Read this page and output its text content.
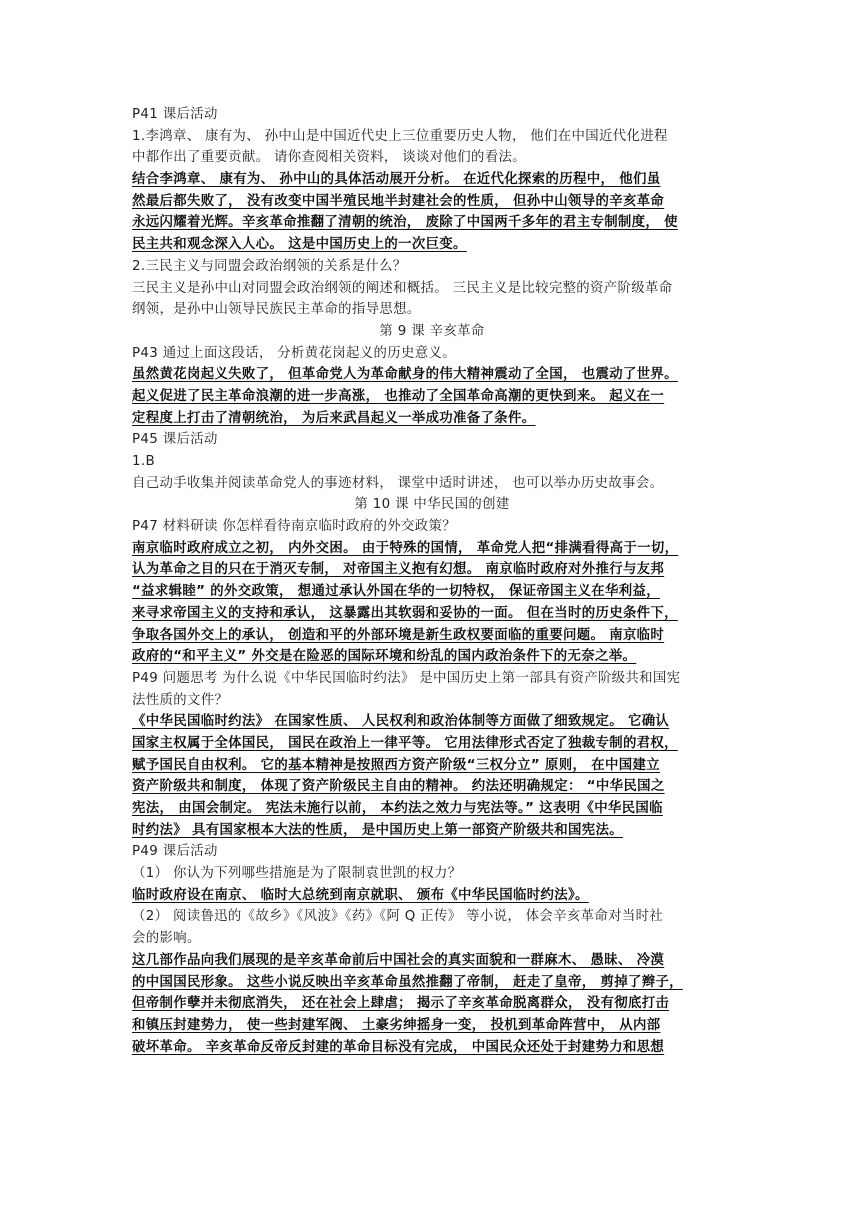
P41 课后活动
1.李鸿章、 康有为、 孙中山是中国近代史上三位重要历史人物， 他们在中国近代化进程
中都作出了重要贡献。 请你查阅相关资料， 谈谈对他们的看法。
结合李鸿章、 康有为、 孙中山的具体活动展开分析。 在近代化探索的历程中， 他们虽
然最后都失败了， 没有改变中国半殖民地半封建社会的性质， 但孙中山领导的辛亥革命
永远闪耀着光辉。辛亥革命推翻了清朝的统治， 废除了中国两千多年的君主专制制度， 使
民主共和观念深入人心。 这是中国历史上的一次巨变。
2.三民主义与同盟会政治纲领的关系是什么？
三民主义是孙中山对同盟会政治纲领的阐述和概括。 三民主义是比较完整的资产阶级革命
纲领，是孙中山领导民族民主革命的指导思想。
第 9 课 辛亥革命
P43 通过上面这段话， 分析黄花岗起义的历史意义。
虽然黄花岗起义失败了， 但革命党人为革命献身的伟大精神震动了全国， 也震动了世界。
起义促进了民主革命浪潮的进一步高涨， 也推动了全国革命高潮的更快到来。 起义在一
定程度上打击了清朝统治， 为后来武昌起义一举成功准备了条件。
P45 课后活动
1.B
自己动手收集并阅读革命党人的事迹材料， 课堂中适时讲述， 也可以举办历史故事会。
第 10 课 中华民国的创建
P47 材料研读 你怎样看待南京临时政府的外交政策？
南京临时政府成立之初， 内外交困。 由于特殊的国情， 革命党人把“排满看得高于一切，
认为革命之目的只在于消灭专制， 对帝国主义抱有幻想。 南京临时政府对外推行与友邦
“益求辑睦” 的外交政策， 想通过承认外国在华的一切特权， 保证帝国主义在华利益，
来寻求帝国主义的支持和承认， 这暴露出其软弱和妥协的一面。 但在当时的历史条件下，
争取各国外交上的承认， 创造和平的外部环境是新生政权要面临的重要问题。 南京临时
政府的“和平主义” 外交是在险恶的国际环境和纷乱的国内政治条件下的无奈之举。
P49 问题思考 为什么说《中华民国临时约法》 是中国历史上第一部具有资产阶级共和国宪
法性质的文件？
《中华民国临时约法》 在国家性质、 人民权利和政治体制等方面做了细致规定。 它确认
国家主权属于全体国民， 国民在政治上一律平等。 它用法律形式否定了独裁专制的君权，
赋予国民自由权利。 它的基本精神是按照西方资产阶级“三权分立” 原则， 在中国建立
资产阶级共和制度， 体现了资产阶级民主自由的精神。 约法还明确规定： “中华民国之
宪法， 由国会制定。 宪法未施行以前， 本约法之效力与宪法等。” 这表明《中华民国临
时约法》 具有国家根本大法的性质， 是中国历史上第一部资产阶级共和国宪法。
P49 课后活动
（1） 你认为下列哪些措施是为了限制袁世凯的权力？
临时政府设在南京、 临时大总统到南京就职、 颁布《中华民国临时约法》。
（2） 阅读鲁迅的《故乡》《风波》《药》《阿 Q 正传》 等小说， 体会辛亥革命对当时社
会的影响。
这几部作品向我们展现的是辛亥革命前后中国社会的真实面貌和一群麻木、 愚昧、 冷漠
的中国国民形象。 这些小说反映出辛亥革命虽然推翻了帝制， 赶走了皇帝， 剪掉了辫子，
但帝制作孽并未彻底消失， 还在社会上肆虐； 揭示了辛亥革命脱离群众， 没有彻底打击
和镇压封建势力， 使一些封建军阀、 土豪劣绅摇身一变， 投机到革命阵营中， 从内部
破坏革命。 辛亥革命反帝反封建的革命目标没有完成， 中国民众还处于封建势力和思想
